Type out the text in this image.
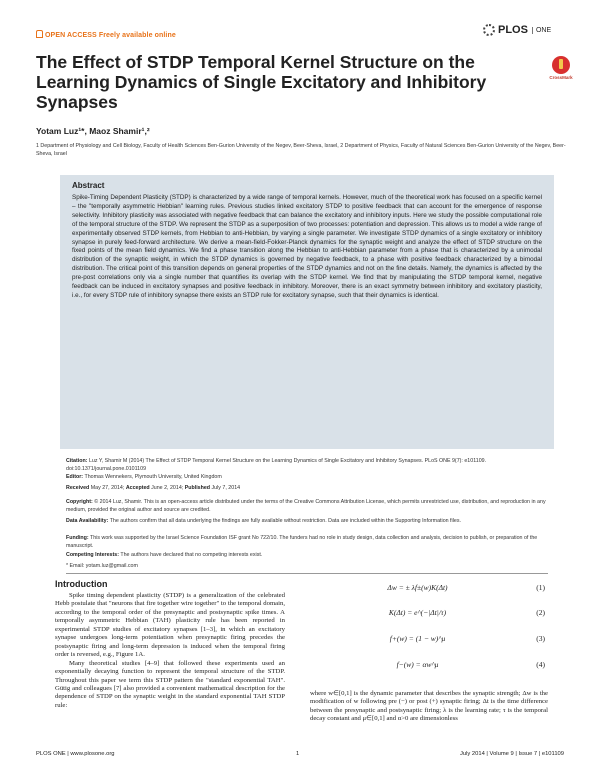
OPEN ACCESS Freely available online	PLOS	ONE
The Effect of STDP Temporal Kernel Structure on the Learning Dynamics of Single Excitatory and Inhibitory Synapses
CrossMark
Yotam Luz¹*, Maoz Shamir¹,²
1 Department of Physiology and Cell Biology, Faculty of Health Sciences Ben-Gurion University of the Negev, Beer-Sheva, Israel, 2 Department of Physics, Faculty of Natural Sciences Ben-Gurion University of the Negev, Beer-Sheva, Israel
Abstract

Spike-Timing Dependent Plasticity (STDP) is characterized by a wide range of temporal kernels. However, much of the theoretical work has focused on a specific kernel – the "temporally asymmetric Hebbian" learning rules. Previous studies linked excitatory STDP to positive feedback that can account for the emergence of response selectivity. Inhibitory plasticity was associated with negative feedback that can balance the excitatory and inhibitory inputs. Here we study the possible computational role of the temporal structure of the STDP. We represent the STDP as a superposition of two processes: potentiation and depression. This allows us to model a wide range of experimentally observed STDP kernels, from Hebbian to anti-Hebbian, by varying a single parameter. We investigate STDP dynamics of a single excitatory or inhibitory synapse in purely feed-forward architecture. We derive a mean-field-Fokker-Planck dynamics for the synaptic weight and analyze the effect of STDP structure on the fixed points of the mean field dynamics. We find a phase transition along the Hebbian to anti-Hebbian parameter from a phase that is characterized by a unimodal distribution of the synaptic weight, in which the STDP dynamics is governed by negative feedback, to a phase with positive feedback characterized by a bimodal distribution. The critical point of this transition depends on general properties of the STDP dynamics and not on the fine details. Namely, the dynamics is affected by the pre-post correlations only via a single number that quantifies its overlap with the STDP kernel. We find that by manipulating the STDP temporal kernel, negative feedback can be induced in excitatory synapses and positive feedback in inhibitory. Moreover, there is an exact symmetry between inhibitory and excitatory plasticity, i.e., for every STDP rule of inhibitory synapse there exists an STDP rule for excitatory synapse, such that their dynamics is identical.

Citation: Luz Y, Shamir M (2014) The Effect of STDP Temporal Kernel Structure on the Learning Dynamics of Single Excitatory and Inhibitory Synapses. PLoS ONE 9(7): e101109. doi:10.1371/journal.pone.0101109
Editor: Thomas Wennekers, Plymouth University, United Kingdom
Received May 27, 2014; Accepted June 2, 2014; Published July 7, 2014
Copyright: © 2014 Luz, Shamir. This is an open-access article distributed under the terms of the Creative Commons Attribution License, which permits unrestricted use, distribution, and reproduction in any medium, provided the original author and source are credited.
Data Availability: The authors confirm that all data underlying the findings are fully available without restriction. Data are included within the Supporting Information files.
Funding: This work was supported by the Israel Science Foundation ISF grant No 722/10. The funders had no role in study design, data collection and analysis, decision to publish, or preparation of the manuscript.
Competing Interests: The authors have declared that no competing interests exist.
* Email: yotam.luz@gmail.com
Introduction

Spike timing dependent plasticity (STDP) is a generalization of the celebrated Hebb postulate that "neurons that fire together wire together" to the temporal domain, according to the temporal order of the presynaptic and postsynaptic spike times. A temporally asymmetric Hebbian (TAH) plasticity rule has been reported in experimental STDP studies of excitatory synapses [1–3], in which an excitatory synapse undergoes long-term potentiation when presynaptic firing precedes the postsynaptic firing and long-term depression is induced when the temporal firing order is reversed, e.g., Figure 1A.

Many theoretical studies [4–9] that followed these experiments used an exponentially decaying function to represent the temporal structure of the STDP. Throughout this paper we term this STDP pattern the "standard exponential TAH". Gütig and colleagues [7] also provided a convenient mathematical description for the dependence of STDP on the synaptic weight in the standard exponential TAH STDP rule:

Δw = ± λf±(w)K(Δt)	(1)
K(Δt) = e^(−|Δt|/τ)	(2)
f+(w) = (1 − w)^μ	(3)
f−(w) = αw^μ	(4)

where w∈[0,1] is the dynamic parameter that describes the synaptic strength; Δw is the modification of w following pre (−) or post (+) synaptic firing; Δt is the time difference between the presynaptic and postsynaptic firing; λ is the learning rate; τ is the temporal decay constant and μ∈[0,1] and α>0 are dimensionless

PLOS ONE | www.plosone.org	1	July 2014 | Volume 9 | Issue 7 | e101109
